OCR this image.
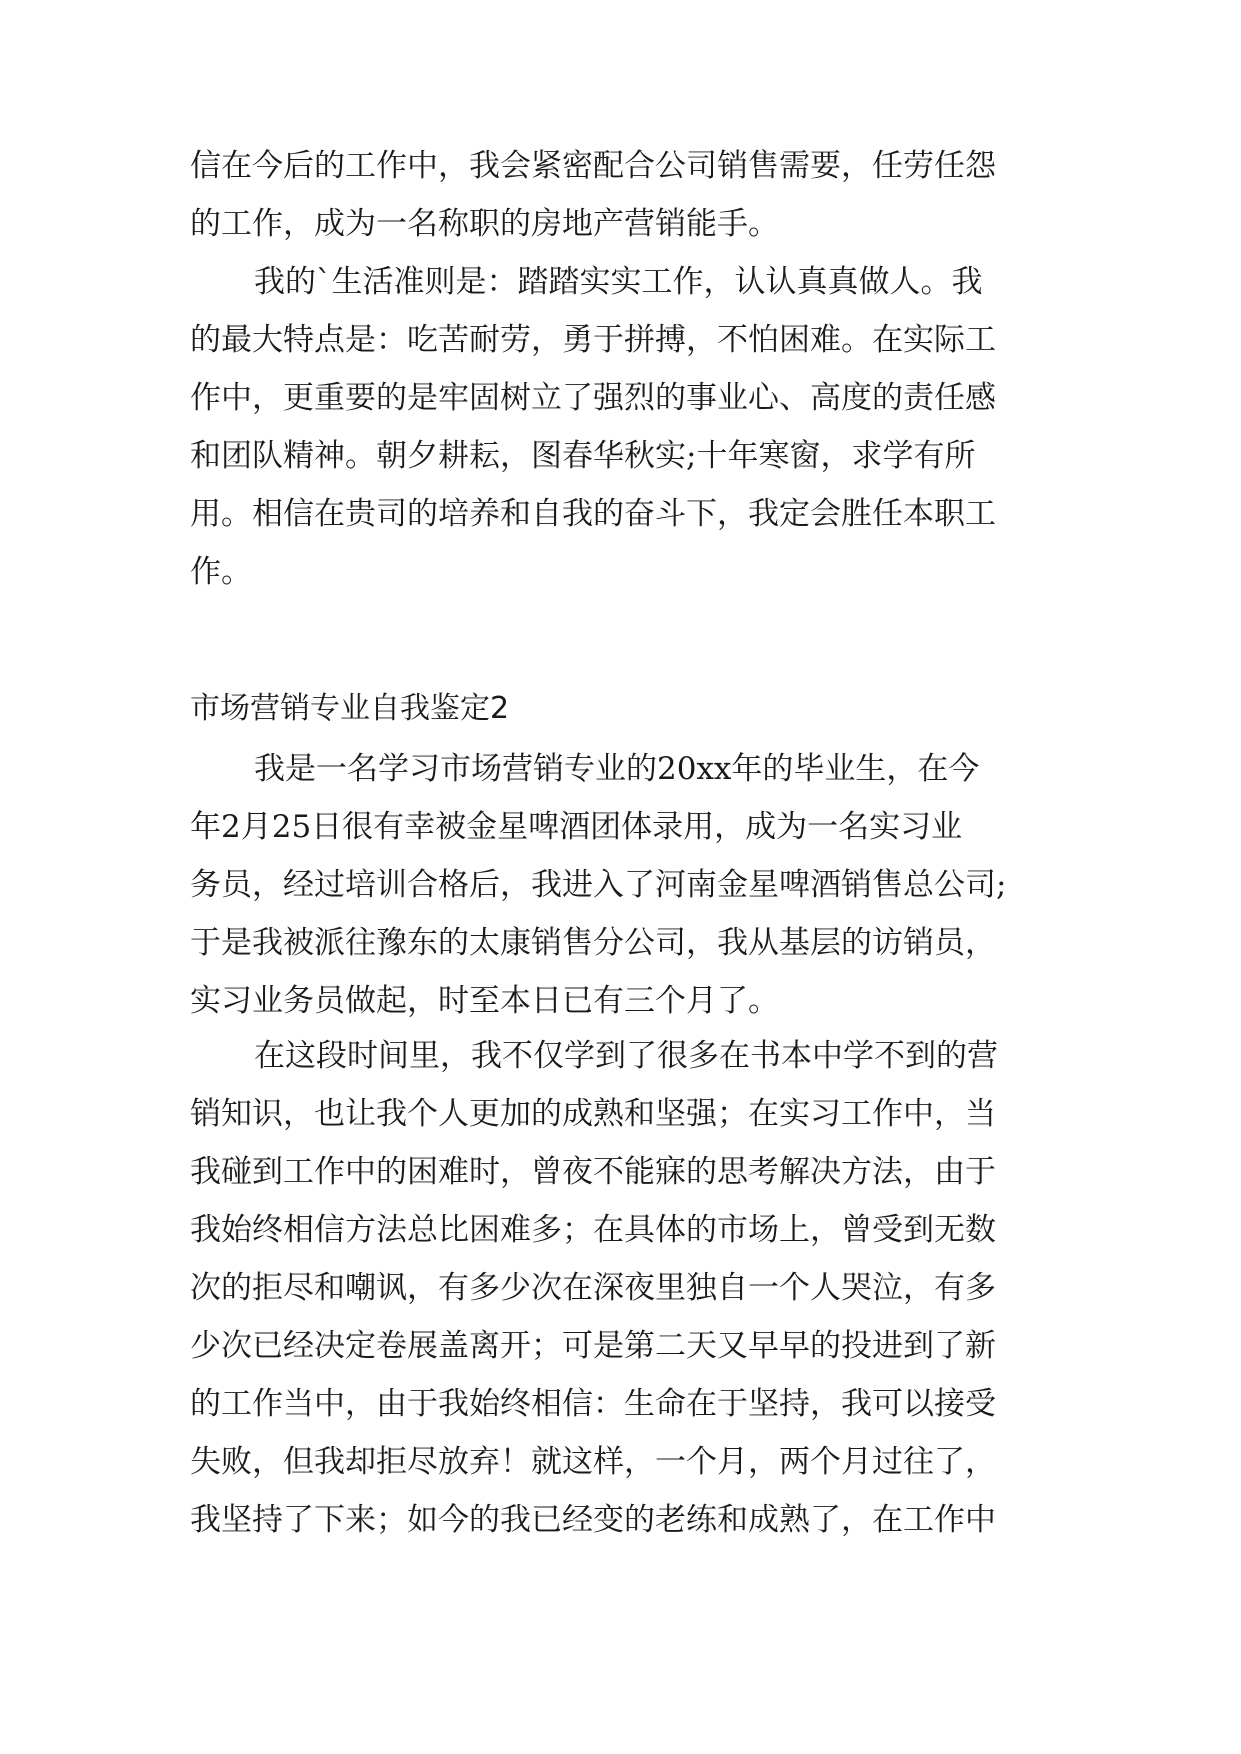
信在今后的工作中，我会紧密配合公司销售需要，任劳任怨
的工作，成为一名称职的房地产营销能手。
我的`生活准则是：踏踏实实工作，认认真真做人。我
的最大特点是：吃苦耐劳，勇于拼搏，不怕困难。在实际工
作中，更重要的是牢固树立了强烈的事业心、高度的责任感
和团队精神。朝夕耕耘，图春华秋实;十年寒窗，求学有所
用。相信在贵司的培养和自我的奋斗下，我定会胜任本职工
作。
市场营销专业自我鉴定2
我是一名学习市场营销专业的20xx年的毕业生，在今
年2月25日很有幸被金星啤酒团体录用，成为一名实习业
务员，经过培训合格后，我进入了河南金星啤酒销售总公司;
于是我被派往豫东的太康销售分公司，我从基层的访销员，
实习业务员做起，时至本日已有三个月了。
在这段时间里，我不仅学到了很多在书本中学不到的营
销知识，也让我个人更加的成熟和坚强；在实习工作中，当
我碰到工作中的困难时，曾夜不能寐的思考解决方法，由于
我始终相信方法总比困难多；在具体的市场上，曾受到无数
次的拒尽和嘲讽，有多少次在深夜里独自一个人哭泣，有多
少次已经决定卷展盖离开；可是第二天又早早的投进到了新
的工作当中，由于我始终相信：生命在于坚持，我可以接受
失败，但我却拒尽放弃！就这样，一个月，两个月过往了，
我坚持了下来；如今的我已经变的老练和成熟了，在工作中
